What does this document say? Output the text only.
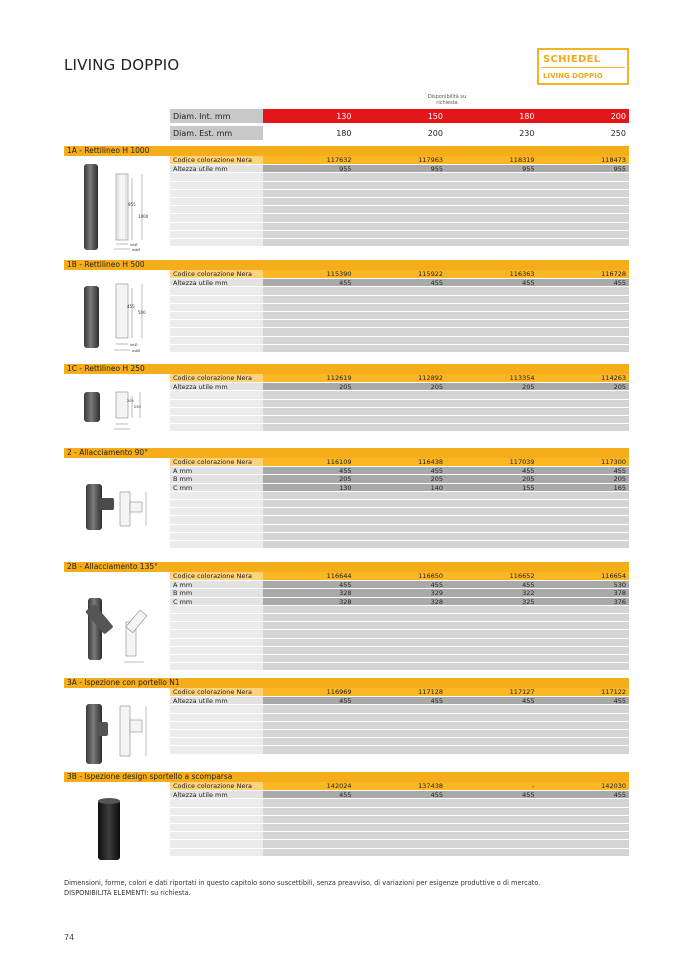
LIVING DOPPIO	SCHIEDEL
LIVING DOPPIO
Disponibilità su richiesta
Diam. Int. mm	130	150	180	200
Diam. Est. mm	180	200	230	250
1A - Rettilineo H 1000
955
1000
intØ
estØ
Codice colorazione Nera	117632	117963	118319	118473
Altezza utile mm	955	955	955	955
1B - Rettilineo H 500
455
500
intØ
estØ
Codice colorazione Nera	115390	115922	116363	116728
Altezza utile mm	455	455	455	455
1C - Rettilineo H 250
205
250
Codice colorazione Nera	112619	112892	113354	114263
Altezza utile mm	205	205	205	205
2 - Allacciamento 90°
Codice colorazione Nera	116109	116438	117039	117300
A mm	455	455	455	455
B mm	205	205	205	205
C mm	130	140	155	165
2B - Allacciamento 135°
Codice colorazione Nera	116644	116650	116652	116654
A mm	455	455	455	530
B mm	328	329	322	378
C mm	328	328	325	376
3A - Ispezione con portello N1
Codice colorazione Nera	116969	117128	117127	117122
Altezza utile mm	455	455	455	455
3B - Ispezione design sportello a scomparsa
Codice colorazione Nera	142024	137438	-	142030
Altezza utile mm	455	455	455	455
Dimensioni, forme, colori e dati riportati in questo capitolo sono suscettibili, senza preavviso, di variazioni per esigenze produttive o di mercato.
DISPONIBILITÀ ELEMENTI: su richiesta.
74
